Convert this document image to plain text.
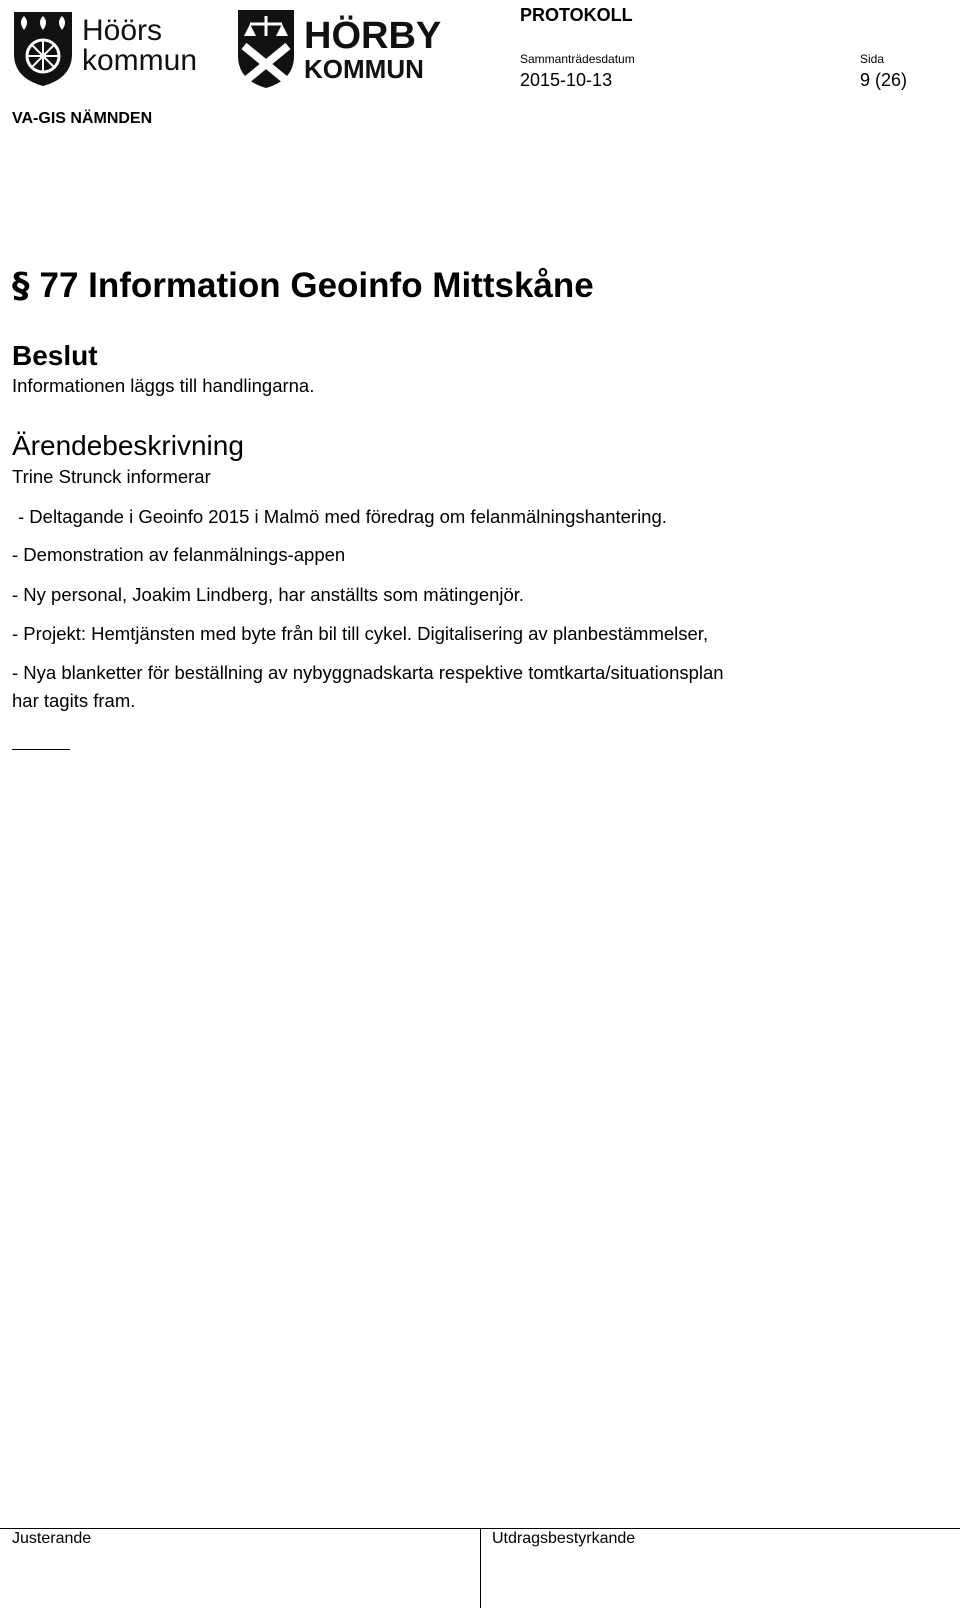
Höörs
kommun
HÖRBY
KOMMUN
PROTOKOLL
Sammanträdesdatum	Sida
2015-10-13	9 (26)
VA-GIS NÄMNDEN
§ 77 Information Geoinfo Mittskåne
Beslut
Informationen läggs till handlingarna.
Ärendebeskrivning
Trine Strunck informerar
- Deltagande i Geoinfo 2015 i Malmö med föredrag om felanmälningshantering.
- Demonstration av felanmälnings-appen
- Ny personal, Joakim Lindberg, har anställts som mätingenjör.
- Projekt: Hemtjänsten med byte från bil till cykel. Digitalisering av planbestämmelser,
- Nya blanketter för beställning av nybyggnadskarta respektive tomtkarta/situationsplan
har tagits fram.
Justerande	Utdragsbestyrkande
